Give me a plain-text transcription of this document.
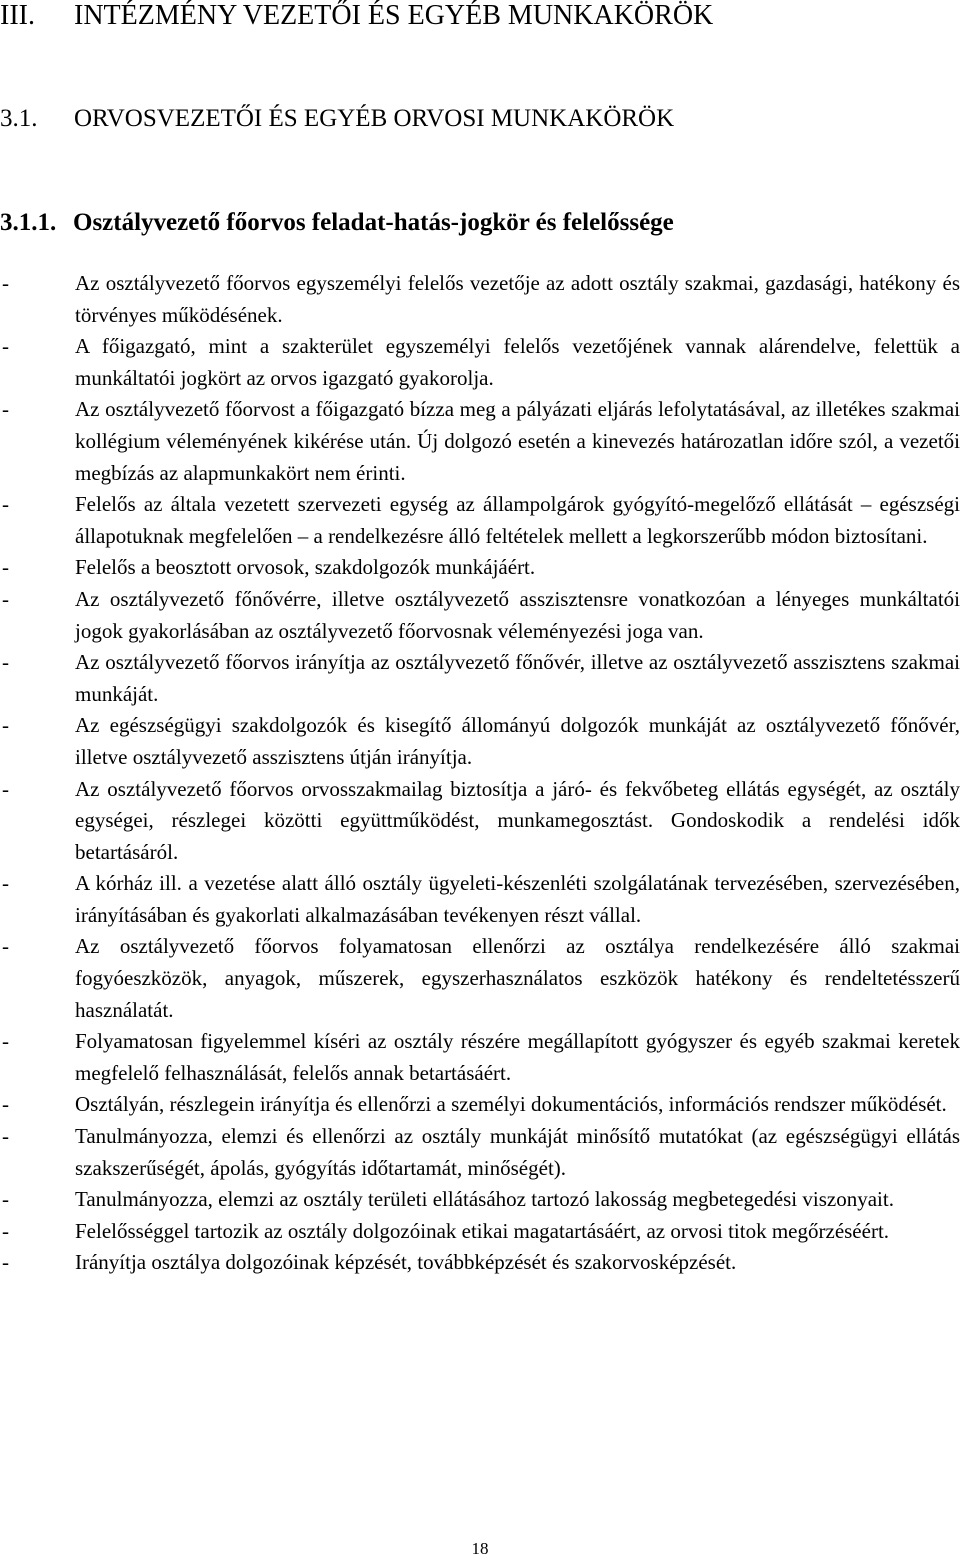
III. INTÉZMÉNY VEZETŐI ÉS EGYÉB MUNKAKÖRÖK
3.1. ORVOSVEZETŐI ÉS EGYÉB ORVOSI MUNKAKÖRÖK
3.1.1. Osztályvezető főorvos feladat-hatás-jogkör és felelőssége
-	Az osztályvezető főorvos egyszemélyi felelős vezetője az adott osztály szakmai, gazdasági, hatékony és törvényes működésének.
-	A főigazgató, mint a szakterület egyszemélyi felelős vezetőjének vannak alárendelve, felettük a munkáltatói jogkört az orvos igazgató gyakorolja.
-	Az osztályvezető főorvost a főigazgató bízza meg a pályázati eljárás lefolytatásával, az illetékes szakmai kollégium véleményének kikérése után. Új dolgozó esetén a kinevezés határozatlan időre szól, a vezetői megbízás az alapmunkakört nem érinti.
-	Felelős az általa vezetett szervezeti egység az állampolgárok gyógyító-megelőző ellátását – egészségi állapotuknak megfelelően – a rendelkezésre álló feltételek mellett a legkorszerűbb módon biztosítani.
-	Felelős a beosztott orvosok, szakdolgozók munkájáért.
-	Az osztályvezető főnővérre, illetve osztályvezető asszisztensre vonatkozóan a lényeges munkáltatói jogok gyakorlásában az osztályvezető főorvosnak véleményezési joga van.
-	Az osztályvezető főorvos irányítja az osztályvezető főnővér, illetve az osztályvezető asszisztens szakmai munkáját.
-	Az egészségügyi szakdolgozók és kisegítő állományú dolgozók munkáját az osztályvezető főnővér, illetve osztályvezető asszisztens útján irányítja.
-	Az osztályvezető főorvos orvosszakmailag biztosítja a járó- és fekvőbeteg ellátás egységét, az osztály egységei, részlegei közötti együttműködést, munkamegosztást. Gondoskodik a rendelési idők betartásáról.
-	A kórház ill. a vezetése alatt álló osztály ügyeleti-készenléti szolgálatának tervezésében, szervezésében, irányításában és gyakorlati alkalmazásában tevékenyen részt vállal.
-	Az osztályvezető főorvos folyamatosan ellenőrzi az osztálya rendelkezésére álló szakmai fogyóeszközök, anyagok, műszerek, egyszerhasználatos eszközök hatékony és rendeltetésszerű használatát.
-	Folyamatosan figyelemmel kíséri az osztály részére megállapított gyógyszer és egyéb szakmai keretek megfelelő felhasználását, felelős annak betartásáért.
-	Osztályán, részlegein irányítja és ellenőrzi a személyi dokumentációs, információs rendszer működését.
-	Tanulmányozza, elemzi és ellenőrzi az osztály munkáját minősítő mutatókat (az egészségügyi ellátás szakszerűségét, ápolás, gyógyítás időtartamát, minőségét).
-	Tanulmányozza, elemzi az osztály területi ellátásához tartozó lakosság megbetegedési viszonyait.
-	Felelősséggel tartozik az osztály dolgozóinak etikai magatartásáért, az orvosi titok megőrzéséért.
-	Irányítja osztálya dolgozóinak képzését, továbbképzését és szakorvosképzését.
18
